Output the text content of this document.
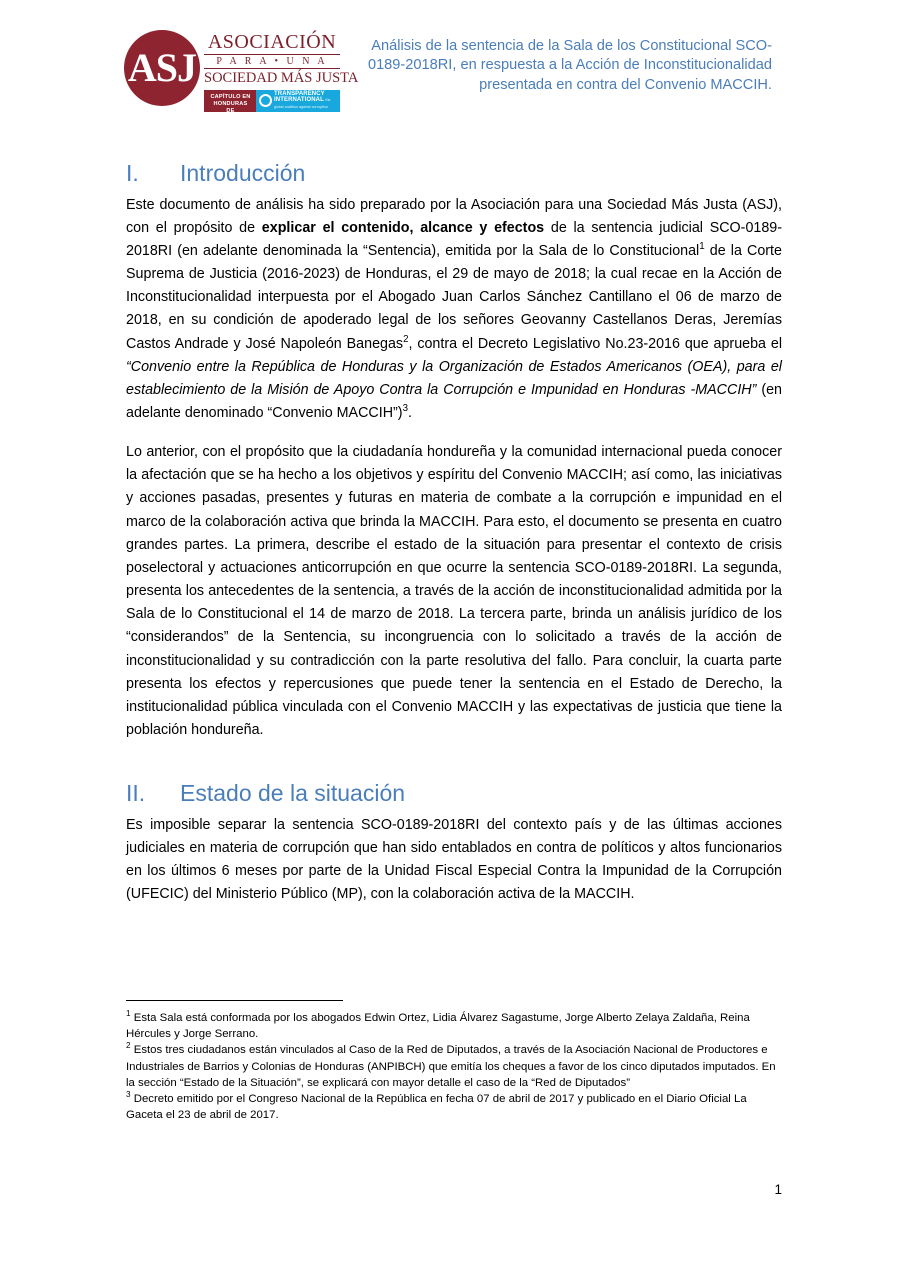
ASJ
ASOCIACIÓN
P A R A • U N A
SOCIEDAD MÁS JUSTA
CAPÍTULO EN HONDURAS DE
TRANSPARENCY
INTERNATIONAL the global coalition against corruption
Análisis de la sentencia de la Sala de los Constitucional SCO-0189-2018RI, en respuesta a la Acción de Inconstitucionalidad presentada en contra del Convenio MACCIH.
I.	Introducción

Este documento de análisis ha sido preparado por la Asociación para una Sociedad Más Justa (ASJ), con el propósito de explicar el contenido, alcance y efectos de la sentencia judicial SCO-0189-2018RI (en adelante denominada la “Sentencia), emitida por la Sala de lo Constitucional$^1$ de la Corte Suprema de Justicia (2016-2023) de Honduras, el 29 de mayo de 2018; la cual recae en la Acción de Inconstitucionalidad interpuesta por el Abogado Juan Carlos Sánchez Cantillano el 06 de marzo de 2018, en su condición de apoderado legal de los señores Geovanny Castellanos Deras, Jeremías Castos Andrade y José Napoleón Banegas$^2$, contra el Decreto Legislativo No.23-2016 que aprueba el “Convenio entre la República de Honduras y la Organización de Estados Americanos (OEA), para el establecimiento de la Misión de Apoyo Contra la Corrupción e Impunidad en Honduras -MACCIH” (en adelante denominado “Convenio MACCIH”)$^3$.

Lo anterior, con el propósito que la ciudadanía hondureña y la comunidad internacional pueda conocer la afectación que se ha hecho a los objetivos y espíritu del Convenio MACCIH; así como, las iniciativas y acciones pasadas, presentes y futuras en materia de combate a la corrupción e impunidad en el marco de la colaboración activa que brinda la MACCIH. Para esto, el documento se presenta en cuatro grandes partes. La primera, describe el estado de la situación para presentar el contexto de crisis poselectoral y actuaciones anticorrupción en que ocurre la sentencia SCO-0189-2018RI. La segunda, presenta los antecedentes de la sentencia, a través de la acción de inconstitucionalidad admitida por la Sala de lo Constitucional el 14 de marzo de 2018. La tercera parte, brinda un análisis jurídico de los “considerandos” de la Sentencia, su incongruencia con lo solicitado a través de la acción de inconstitucionalidad y su contradicción con la parte resolutiva del fallo. Para concluir, la cuarta parte presenta los efectos y repercusiones que puede tener la sentencia en el Estado de Derecho, la institucionalidad pública vinculada con el Convenio MACCIH y las expectativas de justicia que tiene la población hondureña.

II.	Estado de la situación

Es imposible separar la sentencia SCO-0189-2018RI del contexto país y de las últimas acciones judiciales en materia de corrupción que han sido entablados en contra de políticos y altos funcionarios en los últimos 6 meses por parte de la Unidad Fiscal Especial Contra la Impunidad de la Corrupción (UFECIC) del Ministerio Público (MP), con la colaboración activa de la MACCIH.

$^1$ Esta Sala está conformada por los abogados Edwin Ortez, Lidia Álvarez Sagastume, Jorge Alberto Zelaya Zaldaña, Reina Hércules y Jorge Serrano.

$^2$ Estos tres ciudadanos están vinculados al Caso de la Red de Diputados, a través de la Asociación Nacional de Productores e Industriales de Barrios y Colonias de Honduras (ANPIBCH) que emitía los cheques a favor de los cinco diputados imputados. En la sección “Estado de la Situación”, se explicará con mayor detalle el caso de la “Red de Diputados”

$^3$ Decreto emitido por el Congreso Nacional de la República en fecha 07 de abril de 2017 y publicado en el Diario Oficial La Gaceta el 23 de abril de 2017.

1
